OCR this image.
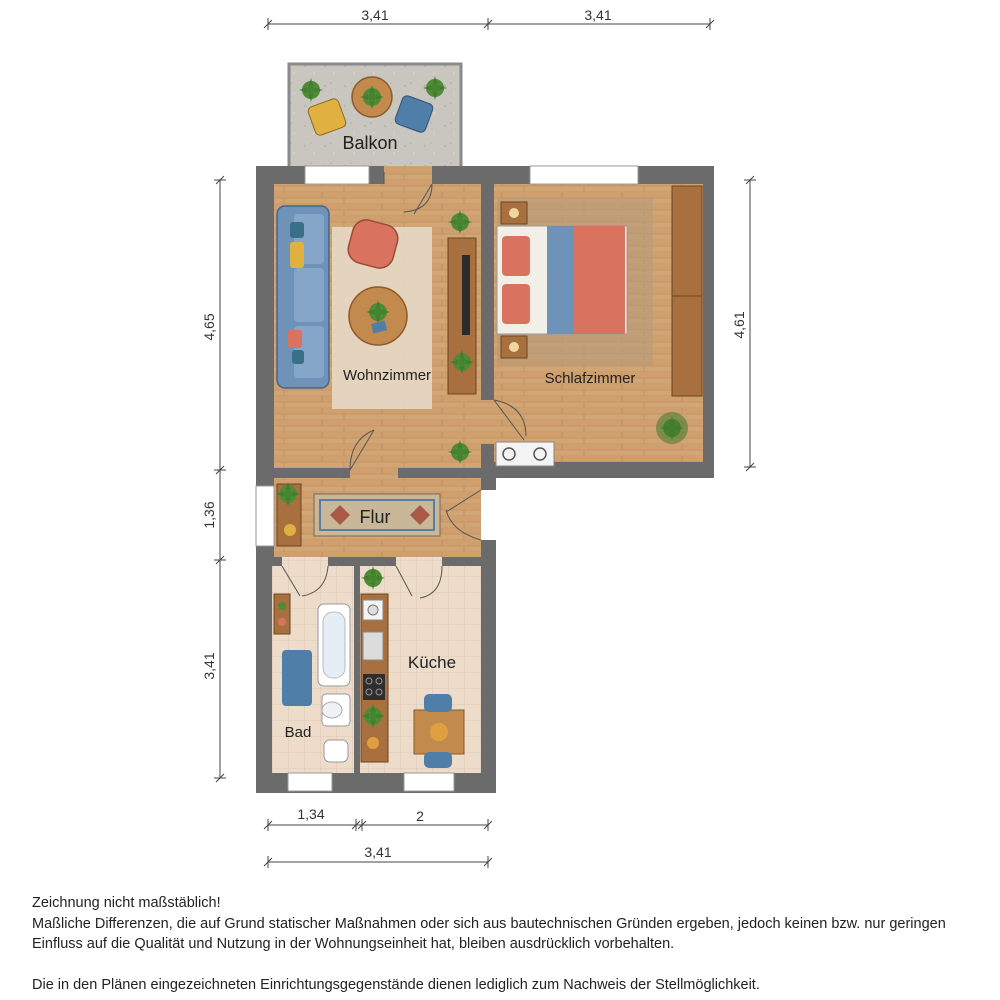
3,41	3,41
4,65
1,36
3,41
4,61
1,34	2
3,41
Balkon
Wohnzimmer	Schlafzimmer
Flur
Bad
Küche

Zeichnung nicht maßstäblich!

Maßliche Differenzen, die auf Grund statischer Maßnahmen oder sich aus bautechnischen Gründen ergeben, jedoch keinen bzw. nur geringen Einfluss auf die Qualität und Nutzung in der Wohnungseinheit hat, bleiben ausdrücklich vorbehalten.

Die in den Plänen eingezeichneten Einrichtungsgegenstände dienen lediglich zum Nachweis der Stellmöglichkeit.
